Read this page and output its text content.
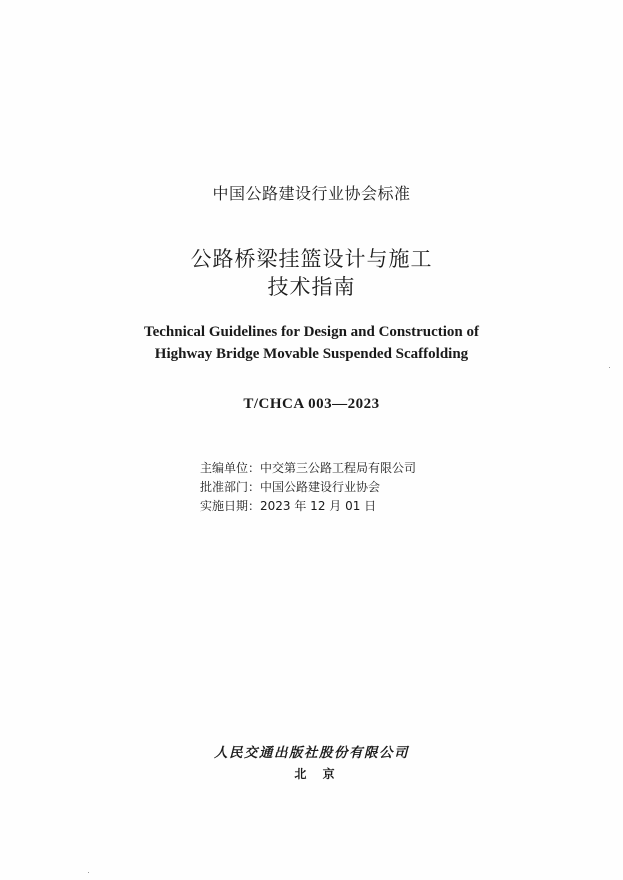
中国公路建设行业协会标准
公路桥梁挂篮设计与施工
技术指南
Technical Guidelines for Design and Construction of
Highway Bridge Movable Suspended Scaffolding
T/CHCA 003—2023
主编单位：中交第三公路工程局有限公司
批准部门：中国公路建设行业协会
实施日期：2023 年 12 月 01 日
人民交通出版社股份有限公司
北 京
